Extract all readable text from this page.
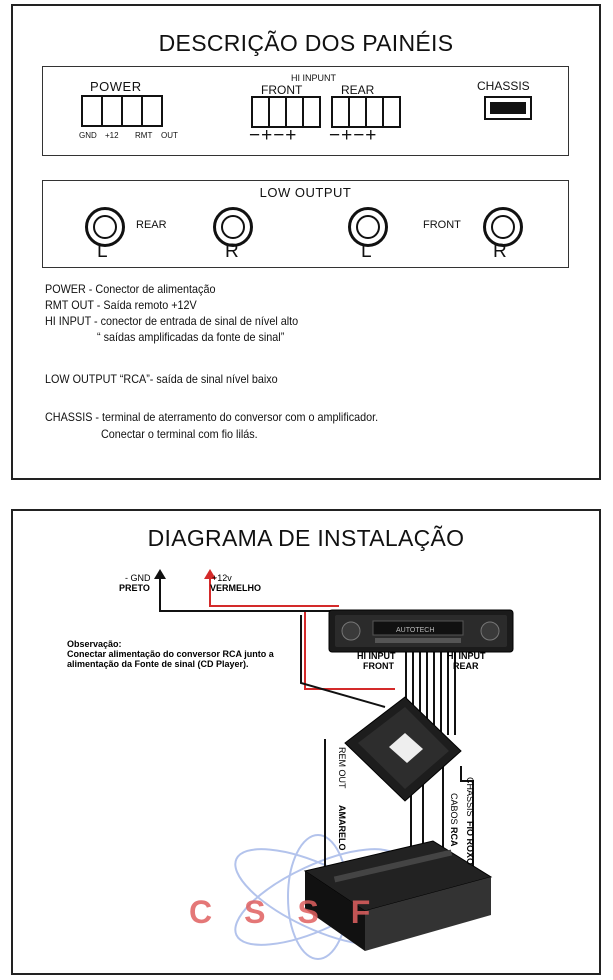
DESCRIÇÃO DOS PAINÉIS
POWER
GND +12 RMT OUT
HI INPUNT
FRONT	REAR
−+−+ −+−+
CHASSIS
LOW OUTPUT
REAR	FRONT
L	R	L	R
POWER - Conector de alimentação
RMT OUT - Saída remoto +12V
HI INPUT - conector de entrada de sinal de nível alto
“ saídas amplificadas da fonte de sinal”
LOW OUTPUT “RCA”- saída de sinal nível baixo
CHASSIS - terminal de aterramento do conversor com o amplificador.
Conectar o terminal com fio lilás.
DIAGRAMA DE INSTALAÇÃO
AUTOTECH
CSSF
- GND
PRETO
+12v
VERMELHO
Observação:
Conectar alimentação do conversor RCA junto a
alimentação da Fonte de sinal (CD Player).
HI INPUT
FRONT
HI INPUT
REAR
REM OUT
AMARELO	CABOS
RCA
CHASSIS
FIO ROXO
